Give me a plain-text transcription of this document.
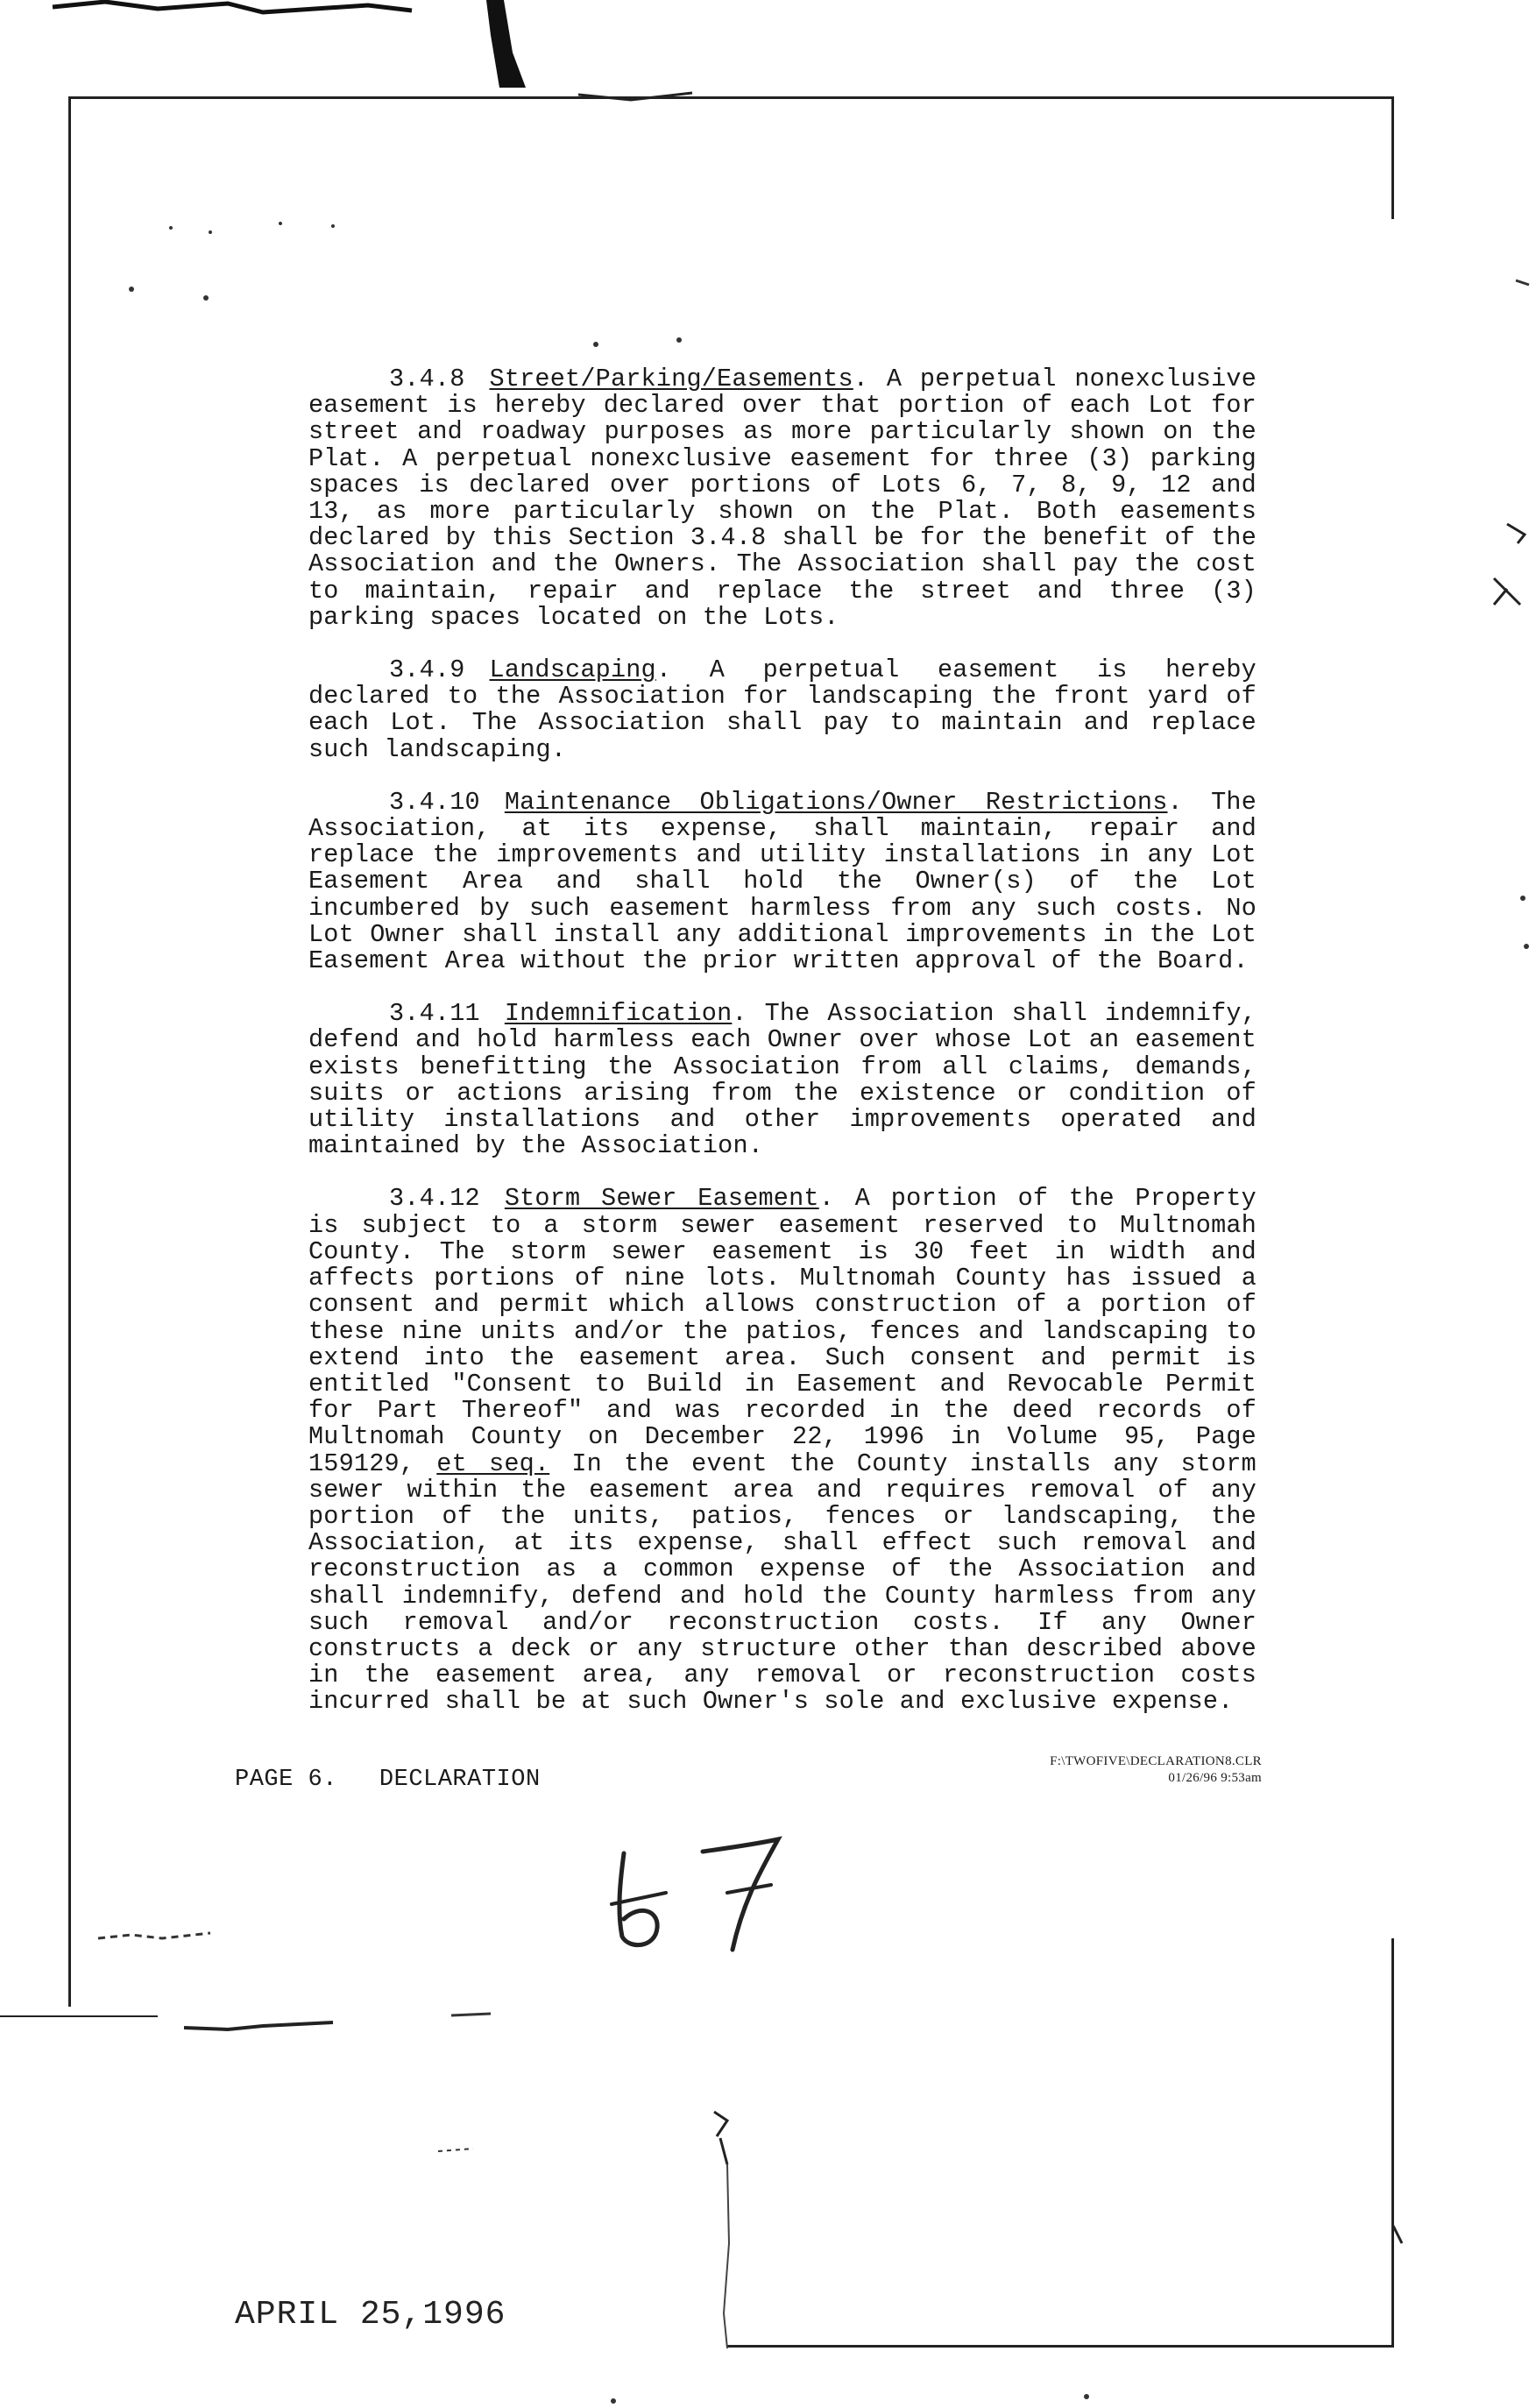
3.4.8 Street/Parking/Easements. A perpetual nonexclusive easement is hereby declared over that portion of each Lot for street and roadway purposes as more particularly shown on the Plat. A perpetual nonexclusive easement for three (3) parking spaces is declared over portions of Lots 6, 7, 8, 9, 12 and 13, as more particularly shown on the Plat. Both easements declared by this Section 3.4.8 shall be for the benefit of the Association and the Owners. The Association shall pay the cost to maintain, repair and replace the street and three (3) parking spaces located on the Lots.

3.4.9 Landscaping. A perpetual easement is hereby declared to the Association for landscaping the front yard of each Lot. The Association shall pay to maintain and replace such landscaping.

3.4.10 Maintenance Obligations/Owner Restrictions. The Association, at its expense, shall maintain, repair and replace the improvements and utility installations in any Lot Easement Area and shall hold the Owner(s) of the Lot incumbered by such easement harmless from any such costs. No Lot Owner shall install any additional improvements in the Lot Easement Area without the prior written approval of the Board.

3.4.11 Indemnification. The Association shall indemnify, defend and hold harmless each Owner over whose Lot an easement exists benefitting the Association from all claims, demands, suits or actions arising from the existence or condition of utility installations and other improvements operated and maintained by the Association.

3.4.12 Storm Sewer Easement. A portion of the Property is subject to a storm sewer easement reserved to Multnomah County. The storm sewer easement is 30 feet in width and affects portions of nine lots. Multnomah County has issued a consent and permit which allows construction of a portion of these nine units and/or the patios, fences and landscaping to extend into the easement area. Such consent and permit is entitled "Consent to Build in Easement and Revocable Permit for Part Thereof" and was recorded in the deed records of Multnomah County on December 22, 1996 in Volume 95, Page 159129, et seq. In the event the County installs any storm sewer within the easement area and requires removal of any portion of the units, patios, fences or landscaping, the Association, at its expense, shall effect such removal and reconstruction as a common expense of the Association and shall indemnify, defend and hold the County harmless from any such removal and/or reconstruction costs. If any Owner constructs a deck or any structure other than described above in the easement area, any removal or reconstruction costs incurred shall be at such Owner's sole and exclusive expense.

PAGE 6. DECLARATION
F:\TWOFIVE\DECLARATION8.CLR
01/26/96 9:53am
APRIL 25,1996
